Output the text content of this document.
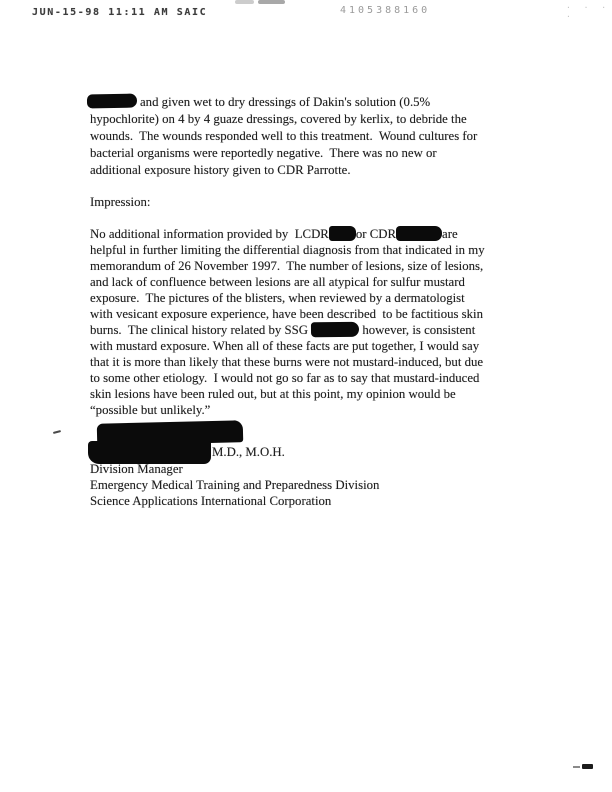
JUN-15-98 11:11 AM SAIC	4105388160	· · · ·
and given wet to dry dressings of Dakin's solution (0.5%
hypochlorite) on 4 by 4 guaze dressings, covered by kerlix, to debride the
wounds.  The wounds responded well to this treatment.  Wound cultures for
bacterial organisms were reportedly negative.  There was no new or
additional exposure history given to CDR Parrotte.
Impression:
No additional information provided by  LCDR or CDR	are
helpful in further limiting the differential diagnosis from that indicated in my
memorandum of 26 November 1997.  The number of lesions, size of lesions,
and lack of confluence between lesions are all atypical for sulfur mustard
exposure.  The pictures of the blisters, when reviewed by a dermatologist
with vesicant exposure experience, have been described  to be factitious skin
burns.  The clinical history related by SSG	however, is consistent
with mustard exposure. When all of these facts are put together, I would say
that it is more than likely that these burns were not mustard-induced, but due
to some other etiology.  I would not go so far as to say that mustard-induced
skin lesions have been ruled out, but at this point, my opinion would be
“possible but unlikely.”
M.D., M.O.H.
Division Manager
Emergency Medical Training and Preparedness Division
Science Applications International Corporation
